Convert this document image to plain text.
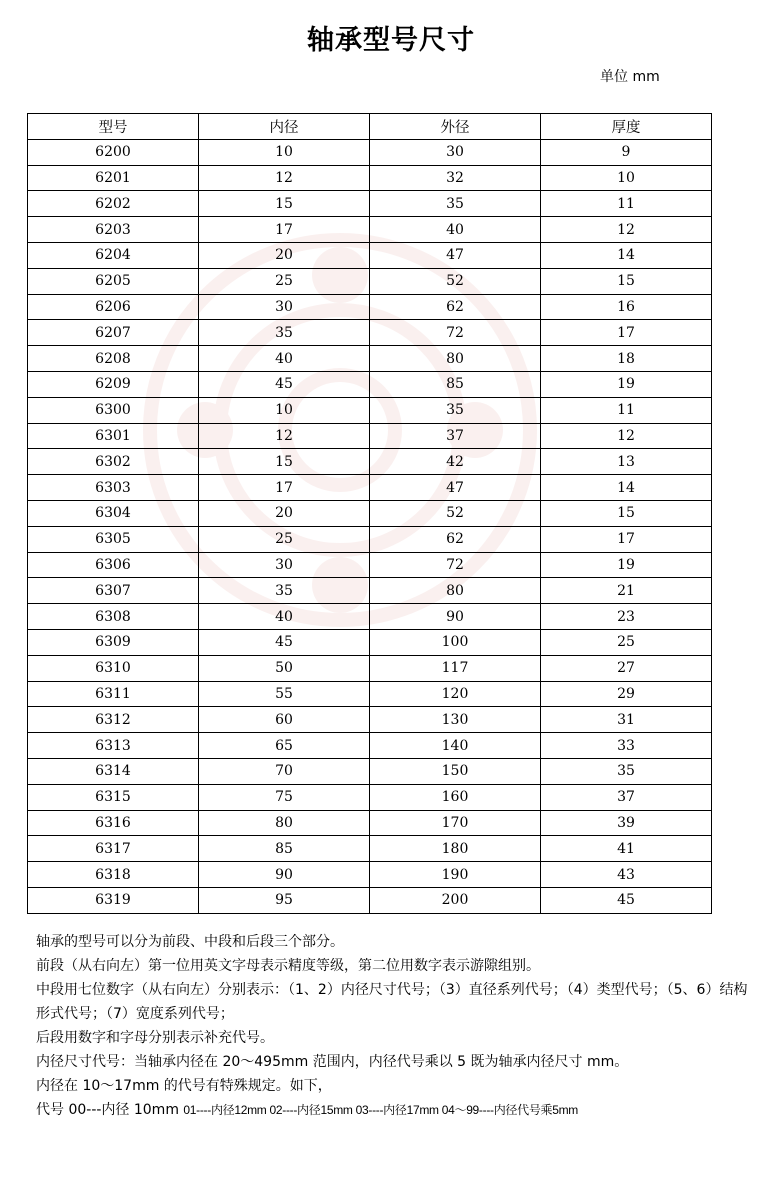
轴承型号尺寸
单位 mm
型号	内径	外径	厚度
6200	10	30	9
6201	12	32	10
6202	15	35	11
6203	17	40	12
6204	20	47	14
6205	25	52	15
6206	30	62	16
6207	35	72	17
6208	40	80	18
6209	45	85	19
6300	10	35	11
6301	12	37	12
6302	15	42	13
6303	17	47	14
6304	20	52	15
6305	25	62	17
6306	30	72	19
6307	35	80	21
6308	40	90	23
6309	45	100	25
6310	50	117	27
6311	55	120	29
6312	60	130	31
6313	65	140	33
6314	70	150	35
6315	75	160	37
6316	80	170	39
6317	85	180	41
6318	90	190	43
6319	95	200	45

轴承的型号可以分为前段、中段和后段三个部分。

前段（从右向左）第一位用英文字母表示精度等级，第二位用数字表示游隙组别。

中段用七位数字（从右向左）分别表示：（1、2）内径尺寸代号；（3）直径系列代号；（4）类型代号；（5、6）结构形式代号；（7）宽度系列代号；

后段用数字和字母分别表示补充代号。

内径尺寸代号：当轴承内径在 20～495mm 范围内，内径代号乘以 5 既为轴承内径尺寸 mm。

内径在 10～17mm 的代号有特殊规定。如下，

代号 00---内径 10mm 01----内径12mm 02----内径15mm 03----内径17mm 04～99----内径代号乘5mm
